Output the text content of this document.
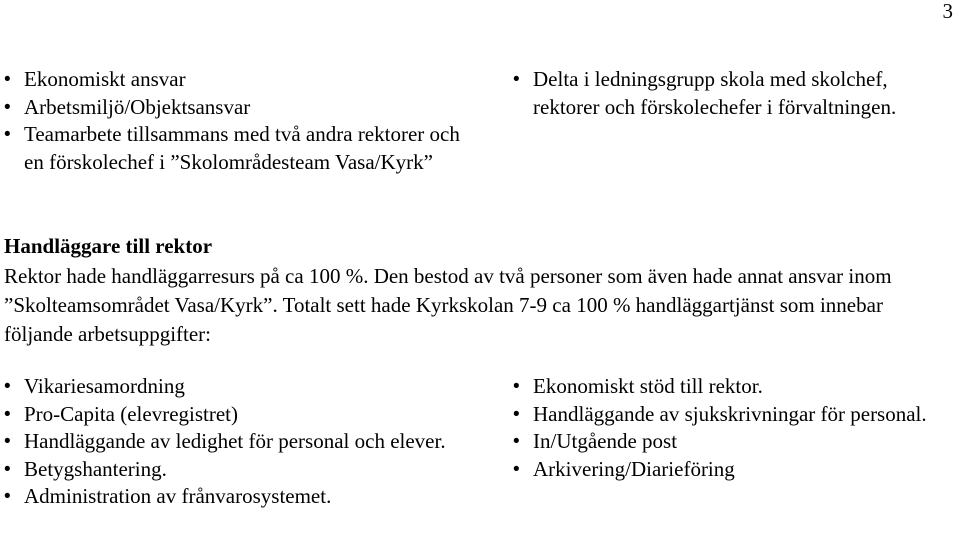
3
• Ekonomiskt ansvar
• Arbetsmiljö/Objektsansvar
• Teamarbete tillsammans med två andra rektorer och en förskolechef i ”Skolområdesteam Vasa/Kyrk”
• Delta i ledningsgrupp skola med skolchef, rektorer och förskolechefer i förvaltningen.
Handläggare till rektor

Rektor hade handläggarresurs på ca 100 %. Den bestod av två personer som även hade annat ansvar inom ”Skolteamsområdet Vasa/Kyrk”. Totalt sett hade Kyrkskolan 7-9 ca 100 % handläggartjänst som innebar följande arbetsuppgifter:

• Vikariesamordning
• Pro-Capita (elevregistret)
• Handläggande av ledighet för personal och elever.
• Betygshantering.
• Administration av frånvarosystemet.
• Ekonomiskt stöd till rektor.
• Handläggande av sjukskrivningar för personal.
• In/Utgående post
• Arkivering/Diarieföring
